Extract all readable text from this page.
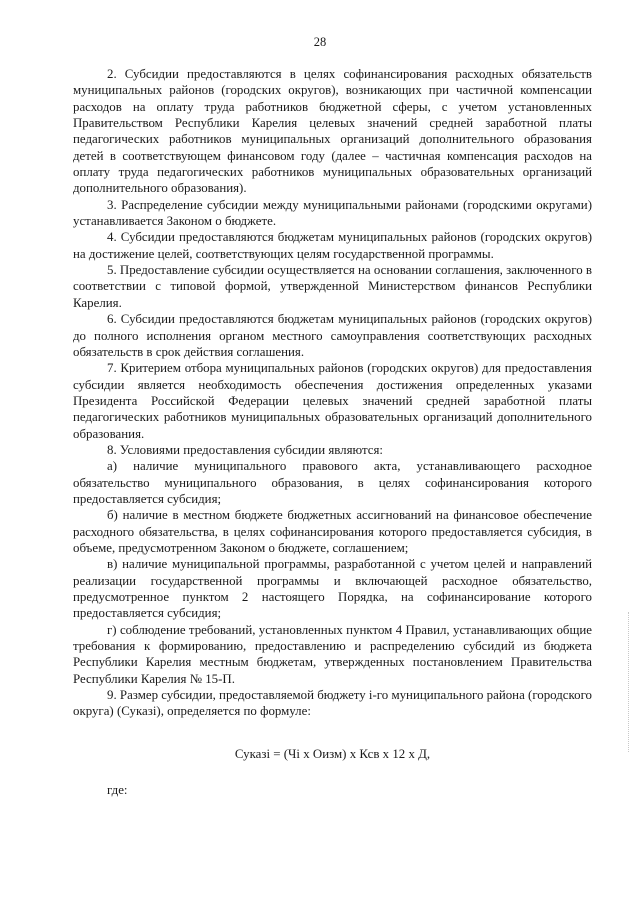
28

2. Субсидии предоставляются в целях софинансирования расходных обязательств муниципальных районов (городских округов), возникающих при частичной компенсации расходов на оплату труда работников бюджетной сферы, с учетом установленных Правительством Республики Карелия целевых значений средней заработной платы педагогических работников муниципальных организаций дополнительного образования детей в соответствующем финансовом году (далее – частичная компенсация расходов на оплату труда педагогических работников муниципальных образовательных организаций дополнительного образования).

3. Распределение субсидии между муниципальными районами (городскими округами) устанавливается Законом о бюджете.

4. Субсидии предоставляются бюджетам муниципальных районов (городских округов) на достижение целей, соответствующих целям государственной программы.

5. Предоставление субсидии осуществляется на основании соглашения, заключенного в соответствии с типовой формой, утвержденной Министерством финансов Республики Карелия.

6. Субсидии предоставляются бюджетам муниципальных районов (городских округов) до полного исполнения органом местного самоуправления соответствующих расходных обязательств в срок действия соглашения.

7. Критерием отбора муниципальных районов (городских округов) для предоставления субсидии является необходимость обеспечения достижения определенных указами Президента Российской Федерации целевых значений средней заработной платы педагогических работников муниципальных образовательных организаций дополнительного образования.

8. Условиями предоставления субсидии являются:

а) наличие муниципального правового акта, устанавливающего расходное обязательство муниципального образования, в целях софинансирования которого предоставляется субсидия;

б) наличие в местном бюджете бюджетных ассигнований на финансовое обеспечение расходного обязательства, в целях софинансирования которого предоставляется субсидия, в объеме, предусмотренном Законом о бюджете, соглашением;

в) наличие муниципальной программы, разработанной с учетом целей и направлений реализации государственной программы и включающей расходное обязательство, предусмотренное пунктом 2 настоящего Порядка, на софинансирование которого предоставляется субсидия;

г) соблюдение требований, установленных пунктом 4 Правил, устанавливающих общие требования к формированию, предоставлению и распределению субсидий из бюджета Республики Карелия местным бюджетам, утвержденных постановлением Правительства Республики Карелия № 15-П.

9. Размер субсидии, предоставляемой бюджету i-го муниципального района (городского округа) (Суказi), определяется по формуле:

Суказi = (Чi х Оизм) х Ксв х 12 х Д,

где:
